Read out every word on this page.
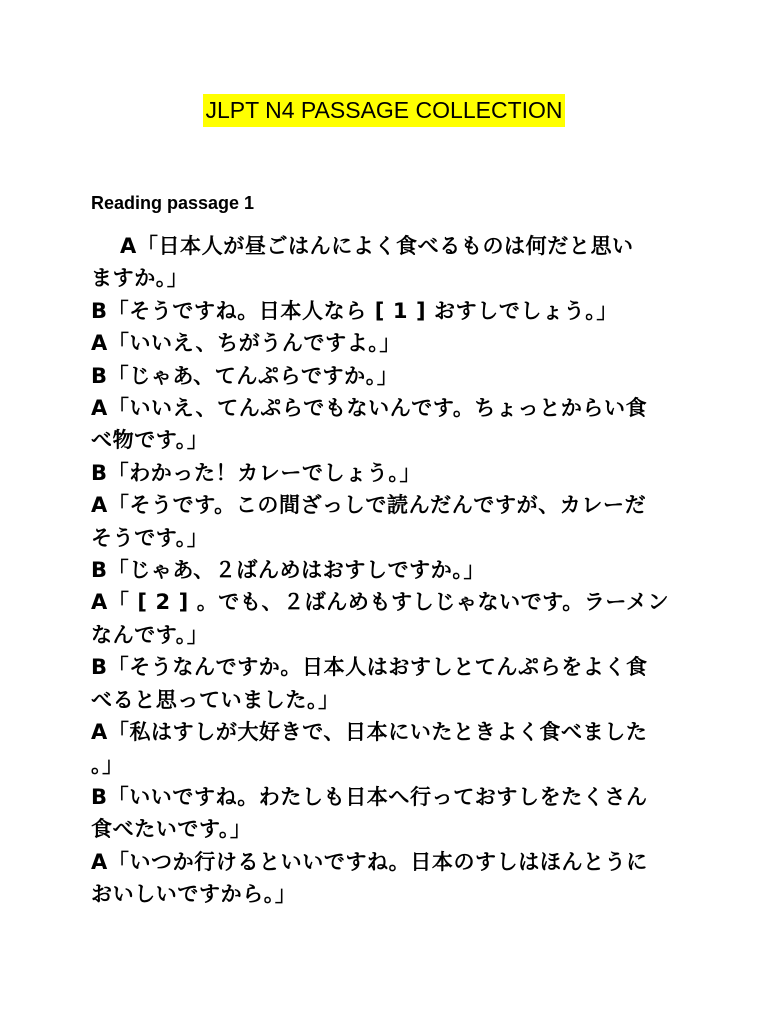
JLPT N4 PASSAGE COLLECTION
Reading passage 1
A「日本人が昼ごはんによく食べるものは何だと思い
ますか。」
B「そうですね。日本人なら [ 1 ] おすしでしょう。」
A「いいえ、ちがうんですよ。」
B「じゃあ、てんぷらですか。」
A「いいえ、てんぷらでもないんです。ちょっとからい食
べ物です。」
B「わかった！カレーでしょう。」
A「そうです。この間ざっしで読んだんですが、カレーだ
そうです。」
B「じゃあ、２ばんめはおすしですか。」
A「 [ 2 ] 。でも、２ばんめもすしじゃないです。ラーメン
なんです。」
B「そうなんですか。日本人はおすしとてんぷらをよく食
べると思っていました。」
A「私はすしが大好きで、日本にいたときよく食べました
。」
B「いいですね。わたしも日本へ行っておすしをたくさん
食べたいです。」
A「いつか行けるといいですね。日本のすしはほんとうに
おいしいですから。」
